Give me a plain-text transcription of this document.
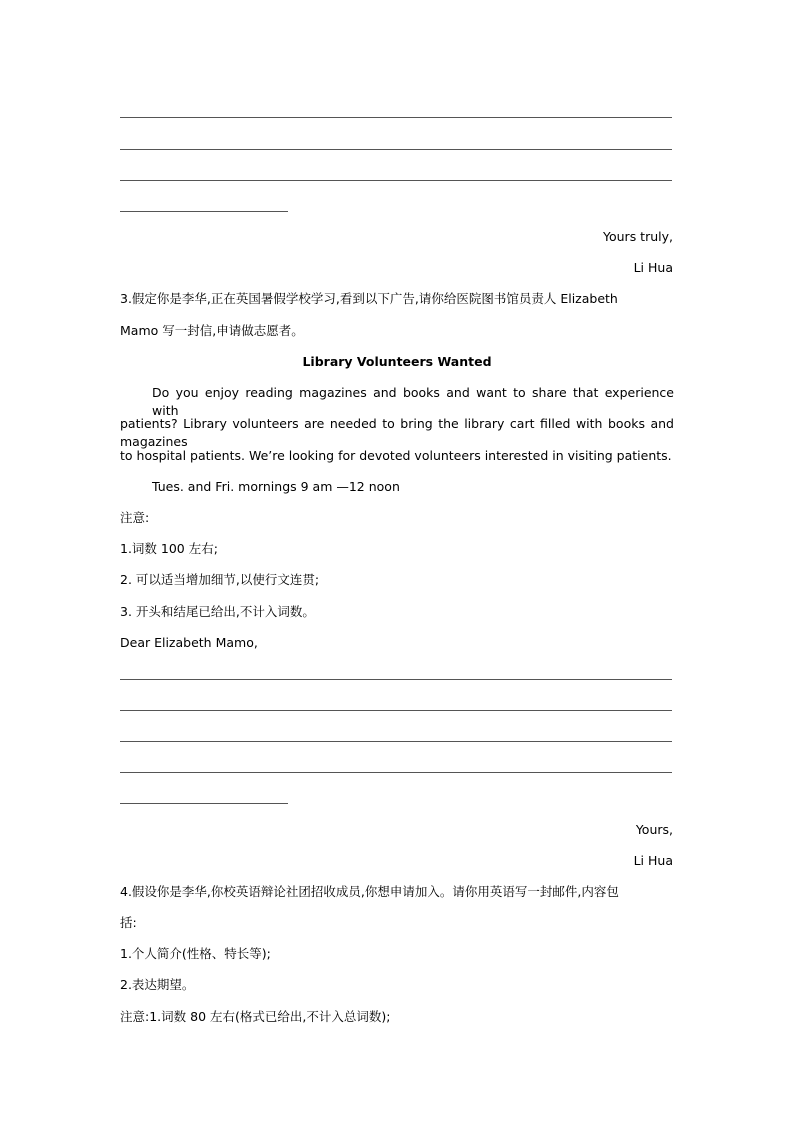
Yours truly,
Li Hua
3.假定你是李华,正在英国暑假学校学习,看到以下广告,请你给医院图书馆员责人 Elizabeth
Mamo 写一封信,申请做志愿者。
Library Volunteers Wanted
Do you enjoy reading magazines and books and want to share that experience with
patients? Library volunteers are needed to bring the library cart filled with books and magazines
to hospital patients. We’re looking for devoted volunteers interested in visiting patients.
Tues. and Fri. mornings 9 am —12 noon
注意:
1.词数 100 左右;
2. 可以适当增加细节,以使行文连贯;
3. 开头和结尾已给出,不计入词数。
Dear Elizabeth Mamo,
Yours,
Li Hua
4.假设你是李华,你校英语辩论社团招收成员,你想申请加入。请你用英语写一封邮件,内容包
括:
1.个人简介(性格、特长等);
2.表达期望。
注意:1.词数 80 左右(格式已给出,不计入总词数);
